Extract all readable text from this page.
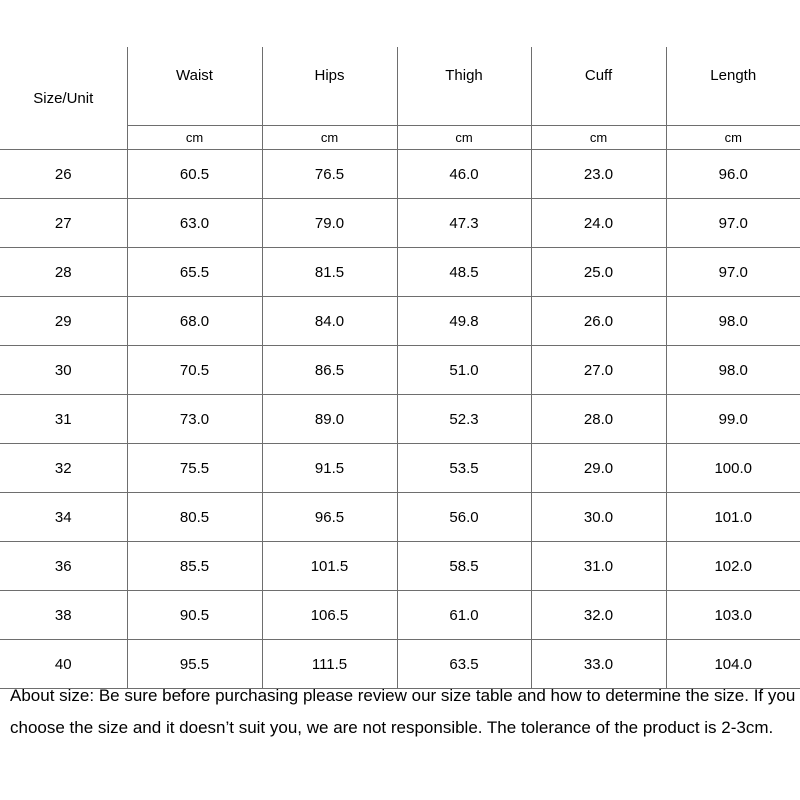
Size/Unit	Waist	Hips	Thigh	Cuff	Length
	cm	cm	cm	cm	cm
26	60.5	76.5	46.0	23.0	96.0
27	63.0	79.0	47.3	24.0	97.0
28	65.5	81.5	48.5	25.0	97.0
29	68.0	84.0	49.8	26.0	98.0
30	70.5	86.5	51.0	27.0	98.0
31	73.0	89.0	52.3	28.0	99.0
32	75.5	91.5	53.5	29.0	100.0
34	80.5	96.5	56.0	30.0	101.0
36	85.5	101.5	58.5	31.0	102.0
38	90.5	106.5	61.0	32.0	103.0
40	95.5	111.5	63.5	33.0	104.0
About size: Be sure before purchasing please review our size table and how to determine the size. If you choose the size and it doesn’t suit you, we are not responsible. The tolerance of the product is 2-3cm.
